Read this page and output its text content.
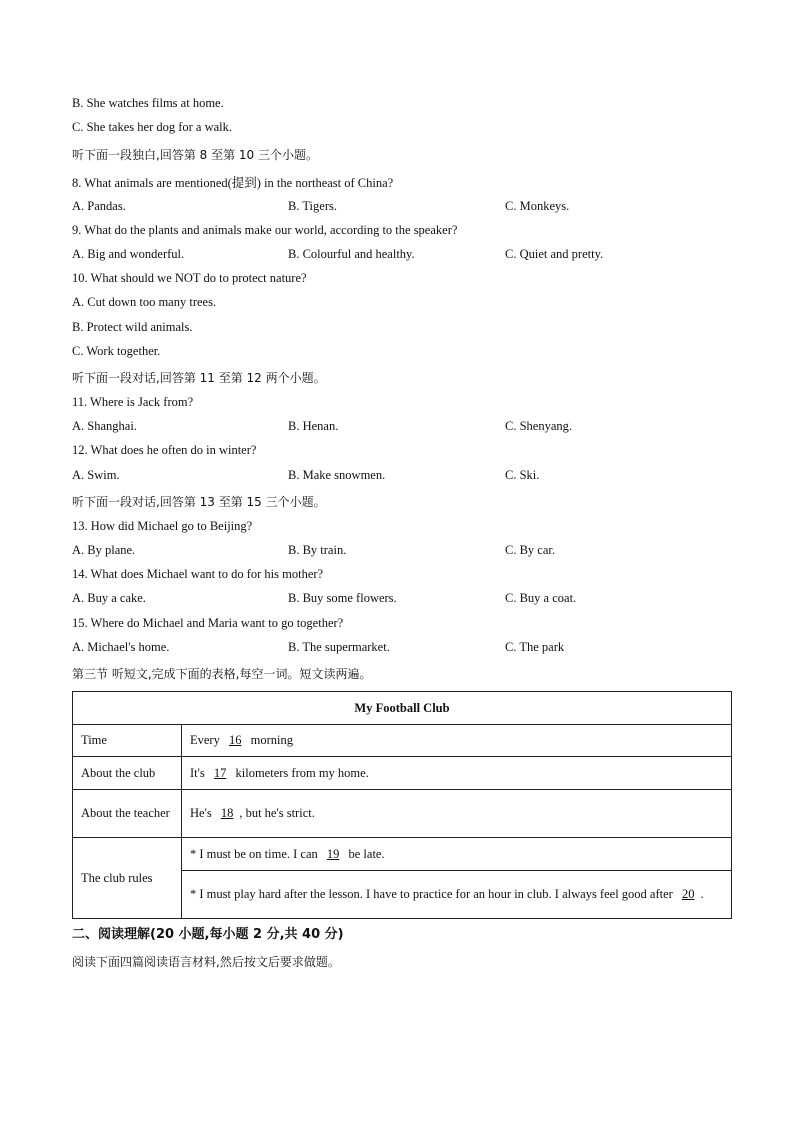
B. She watches films at home.
C. She takes her dog for a walk.
听下面一段独白,回答第 8 至第 10 三个小题。
8. What animals are mentioned(提到) in the northeast of China?
A. Pandas.	B. Tigers.	C. Monkeys.
9. What do the plants and animals make our world, according to the speaker?
A. Big and wonderful.	B. Colourful and healthy.	C. Quiet and pretty.
10. What should we NOT do to protect nature?
A. Cut down too many trees.
B. Protect wild animals.
C. Work together.
听下面一段对话,回答第 11 至第 12 两个小题。
11. Where is Jack from?
A. Shanghai.	B. Henan.	C. Shenyang.
12. What does he often do in winter?
A. Swim.	B. Make snowmen.	C. Ski.
听下面一段对话,回答第 13 至第 15 三个小题。
13. How did Michael go to Beijing?
A. By plane.	B. By train.	C. By car.
14. What does Michael want to do for his mother?
A. Buy a cake.	B. Buy some flowers.	C. Buy a coat.
15. Where do Michael and Maria want to go together?
A. Michael's home.	B. The supermarket.	C. The park
第三节 听短文,完成下面的表格,每空一词。短文读两遍。
My Football Club	
Time	Every 16 morning
About the club	It's 17 kilometers from my home.
About the teacher	He's 18 , but he's strict.
The club rules	* I must be on time. I can 19 be late.
	* I must play hard after the lesson. I have to practice for an hour in club. I always feel good after 20 .
二、阅读理解(20 小题,每小题 2 分,共 40 分)
阅读下面四篇阅读语言材料,然后按文后要求做题。
